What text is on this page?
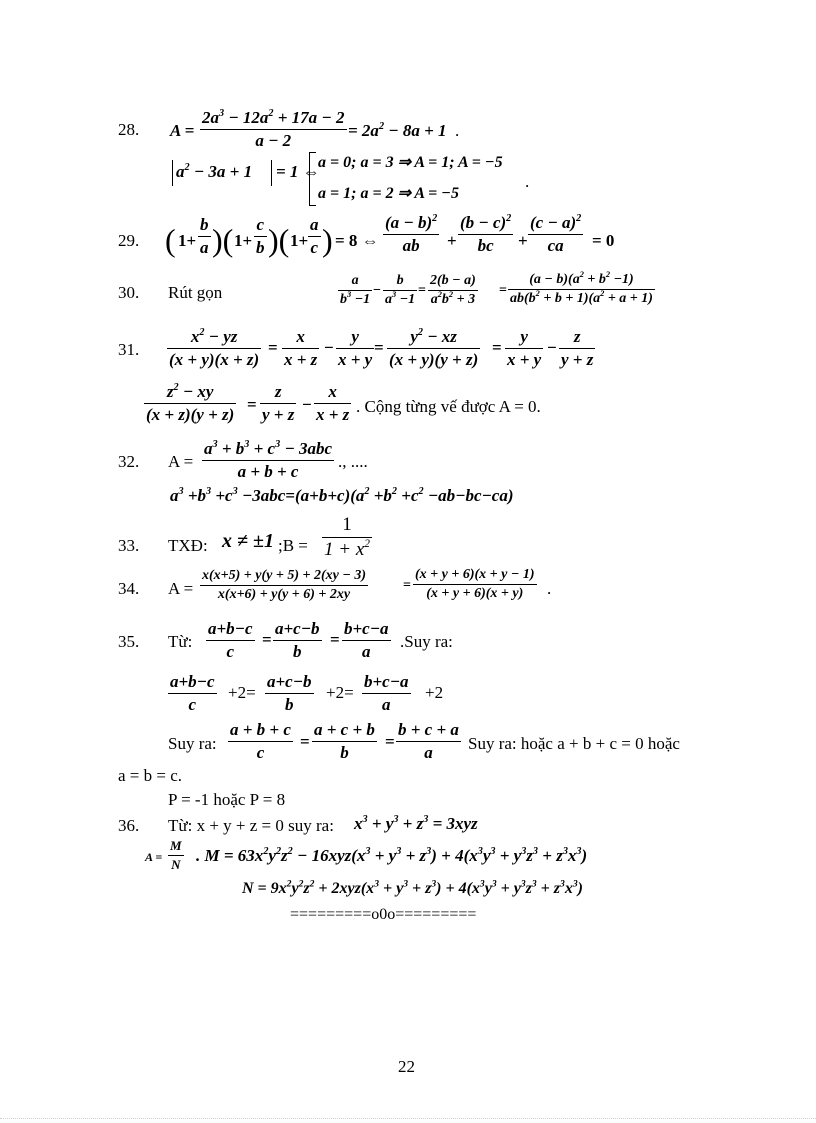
28. A =
$2a^3 - 12a^2 + 17a - 2$
a − 2
= $2a^2 - 8a + 1$ .
$a^2 - 3a + 1 = 1$ ⇔
a = 0; a = 3 ⇒ A = 1; A = −5
a = 1; a = 2 ⇒ A = −5
.
29. ( 1+
b
a )( 1+
c
b )( 1+
a
c ) = 8 ⇔
$(a - b)^2$
ab +
$(b - c)^2$
bc +
$(c - a)^2$
ca = 0
30. Rút gọn
a
$b^3 -1$
−
b
$a^3 -1$
=
2(b − a)
$a^2b^2 + 3$
=
$(a - b)(a^2 + b^2 -1)$
$ab(b^2 + b + 1)(a^2 + a + 1)$
31.
$x^2$ − yz
(x + y)(x + z)
=
x
x + z
−
y
x + y
=
$y^2$ − xz
(x + y)(y + z)
=
y
x + y
−
z
y + z
$z^2$ − xy
(x + z)(y + z)
=
z
y + z
−
x
x + z . Cộng từng vế được A = 0.
32. A =
$a^3 + b^3 + c^3 - 3abc$
a + b + c
., ....
$a^3 +b^3 +c^3 -3abc=(a+b+c)(a^2 +b^2 +c^2 -ab-bc-ca)$
33. TXĐ: x ≠ ±1 ;B =
1
$1 + x^2$
34. A =
x(x+5) + y(y + 5) + 2(xy − 3)
x(x+6) + y(y + 6) + 2xy
=
(x + y + 6)(x + y − 1)
(x + y + 6)(x + y) .
35. Từ:
a+b−c
c
=
a+c−b
b
=
b+c−a
a
.Suy ra:
a+b−c
c
+2=
a+c−b
b
+2=
b+c−a
a
+2
Suy ra:
a + b + c
c
=
a + c + b
b
=
b + c + a
a Suy ra: hoặc a + b + c = 0 hoặc
a = b = c.
P = -1 hoặc P = 8
36. Từ: x + y + z = 0 suy ra: $x^3 + y^3 + z^3 = 3xyz$
A =
M
N . $M = 63x^2y^2z^2 - 16xyz(x^3 + y^3 + z^3) + 4(x^3y^3 + y^3z^3 + z^3x^3)$
$N = 9x^2y^2z^2 + 2xyz(x^3 + y^3 + z^3) + 4(x^3y^3 + y^3z^3 + z^3x^3)$
=========o0o=========
22
